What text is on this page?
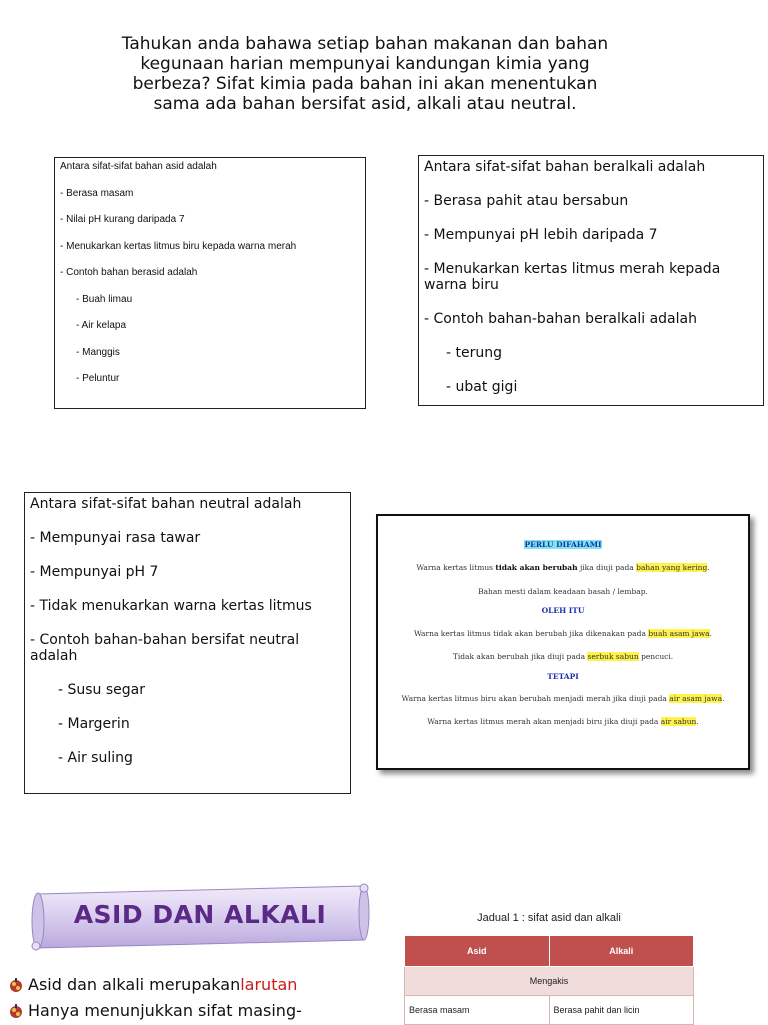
Tahukan anda bahawa setiap bahan makanan dan bahan
kegunaan harian mempunyai kandungan kimia yang
berbeza? Sifat kimia pada bahan ini akan menentukan
sama ada bahan bersifat asid, alkali atau neutral.

Antara sifat-sifat bahan asid adalah

- Berasa masam

- Nilai pH kurang daripada 7

- Menukarkan kertas litmus biru kepada warna merah

- Contoh bahan berasid adalah

- Buah limau

- Air kelapa

- Manggis

- Peluntur

Antara sifat-sifat bahan beralkali adalah

- Berasa pahit atau bersabun

- Mempunyai pH lebih daripada 7

- Menukarkan kertas litmus merah kepada warna biru

- Contoh bahan-bahan beralkali adalah

- terung

- ubat gigi

Antara sifat-sifat bahan neutral adalah

- Mempunyai rasa tawar

- Mempunyai pH 7

- Tidak menukarkan warna kertas litmus

- Contoh bahan-bahan bersifat neutral adalah

- Susu segar

- Margerin

- Air suling

PERLU DIFAHAMI
Warna kertas litmus tidak akan berubah jika diuji pada bahan yang kering.
Bahan mesti dalam keadaan basah / lembap.
OLEH ITU
Warna kertas litmus tidak akan berubah jika dikenakan pada buah asam jawa.
Tidak akan berubah jika diuji pada serbuk sabun pencuci.
TETAPI
Warna kertas litmus biru akan berubah menjadi merah jika diuji pada air asam jawa.
Warna kertas litmus merah akan menjadi biru jika diuji pada air sabun.
ASID DAN ALKALI
Asid dan alkali merupakan larutan
Hanya menunjukkan sifat masing-
Jadual 1 : sifat asid dan alkali
Asid	Alkali
Mengakis	
Berasa masam	Berasa pahit dan licin
